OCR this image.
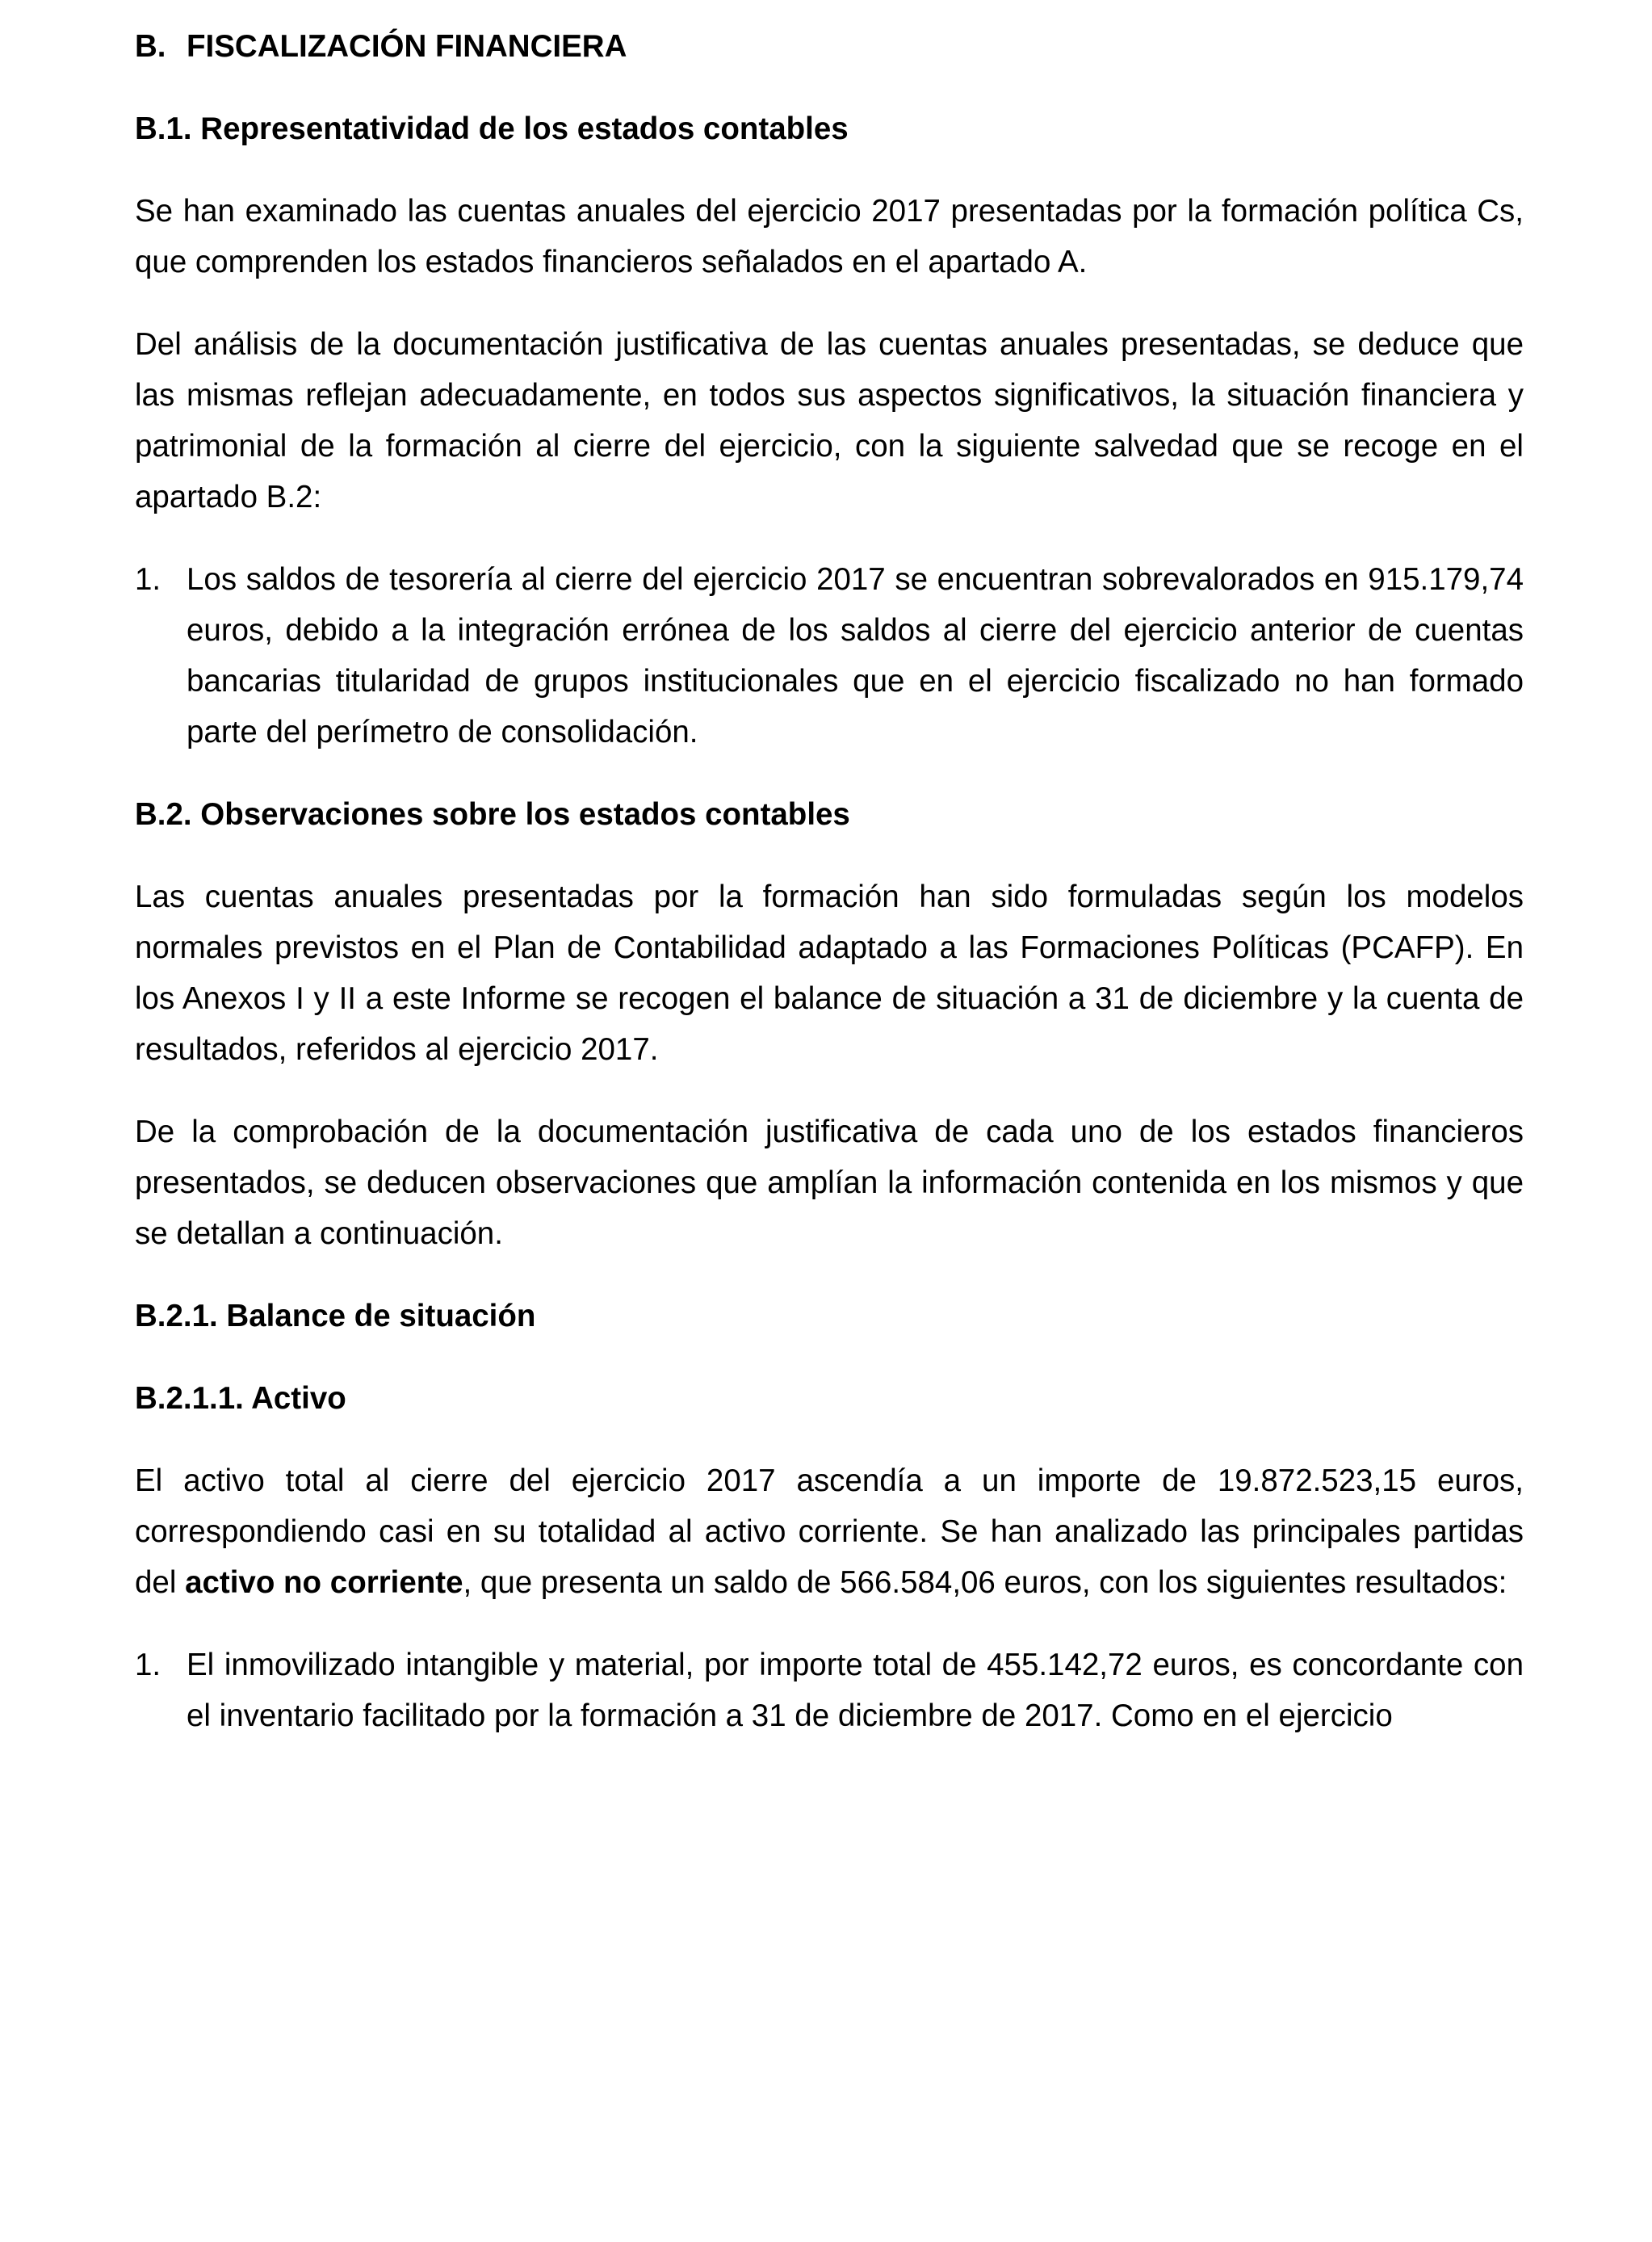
B. FISCALIZACIÓN FINANCIERA
B.1. Representatividad de los estados contables
Se han examinado las cuentas anuales del ejercicio 2017 presentadas por la formación política Cs, que comprenden los estados financieros señalados en el apartado A.
Del análisis de la documentación justificativa de las cuentas anuales presentadas, se deduce que las mismas reflejan adecuadamente, en todos sus aspectos significativos, la situación financiera y patrimonial de la formación al cierre del ejercicio, con la siguiente salvedad que se recoge en el apartado B.2:
1. Los saldos de tesorería al cierre del ejercicio 2017 se encuentran sobrevalorados en 915.179,74 euros, debido a la integración errónea de los saldos al cierre del ejercicio anterior de cuentas bancarias titularidad de grupos institucionales que en el ejercicio fiscalizado no han formado parte del perímetro de consolidación.
B.2. Observaciones sobre los estados contables
Las cuentas anuales presentadas por la formación han sido formuladas según los modelos normales previstos en el Plan de Contabilidad adaptado a las Formaciones Políticas (PCAFP). En los Anexos I y II a este Informe se recogen el balance de situación a 31 de diciembre y la cuenta de resultados, referidos al ejercicio 2017.
De la comprobación de la documentación justificativa de cada uno de los estados financieros presentados, se deducen observaciones que amplían la información contenida en los mismos y que se detallan a continuación.
B.2.1. Balance de situación
B.2.1.1. Activo
El activo total al cierre del ejercicio 2017 ascendía a un importe de 19.872.523,15 euros, correspondiendo casi en su totalidad al activo corriente. Se han analizado las principales partidas del activo no corriente, que presenta un saldo de 566.584,06 euros, con los siguientes resultados:
1. El inmovilizado intangible y material, por importe total de 455.142,72 euros, es concordante con el inventario facilitado por la formación a 31 de diciembre de 2017. Como en el ejercicio
